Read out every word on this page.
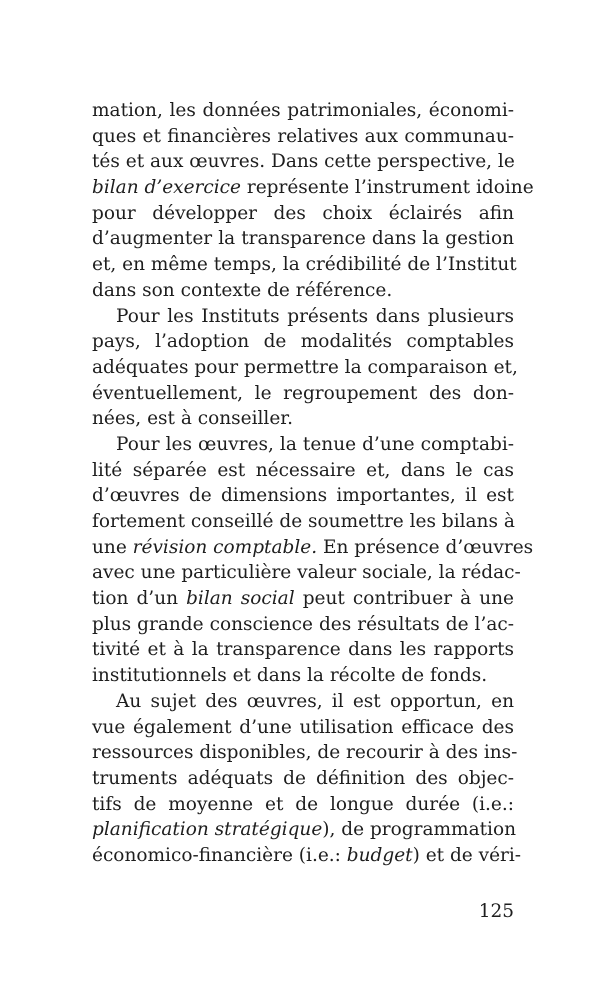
mation, les données patrimoniales, économi-
ques et financières relatives aux communau-
tés et aux œuvres. Dans cette perspective, le
bilan d’exercice représente l’instrument idoine
pour développer des choix éclairés afin
d’augmenter la transparence dans la gestion
et, en même temps, la crédibilité de l’Institut
dans son contexte de référence.
Pour les Instituts présents dans plusieurs
pays, l’adoption de modalités comptables
adéquates pour permettre la comparaison et,
éventuellement, le regroupement des don-
nées, est à conseiller.
Pour les œuvres, la tenue d’une comptabi-
lité séparée est nécessaire et, dans le cas
d’œuvres de dimensions importantes, il est
fortement conseillé de soumettre les bilans à
une révision comptable. En présence d’œuvres
avec une particulière valeur sociale, la rédac-
tion d’un bilan social peut contribuer à une
plus grande conscience des résultats de l’ac-
tivité et à la transparence dans les rapports
institutionnels et dans la récolte de fonds.
Au sujet des œuvres, il est opportun, en
vue également d’une utilisation efficace des
ressources disponibles, de recourir à des ins-
truments adéquats de définition des objec-
tifs de moyenne et de longue durée (i.e.:
planification stratégique), de programmation
économico-financière (i.e.: budget) et de véri-
125
